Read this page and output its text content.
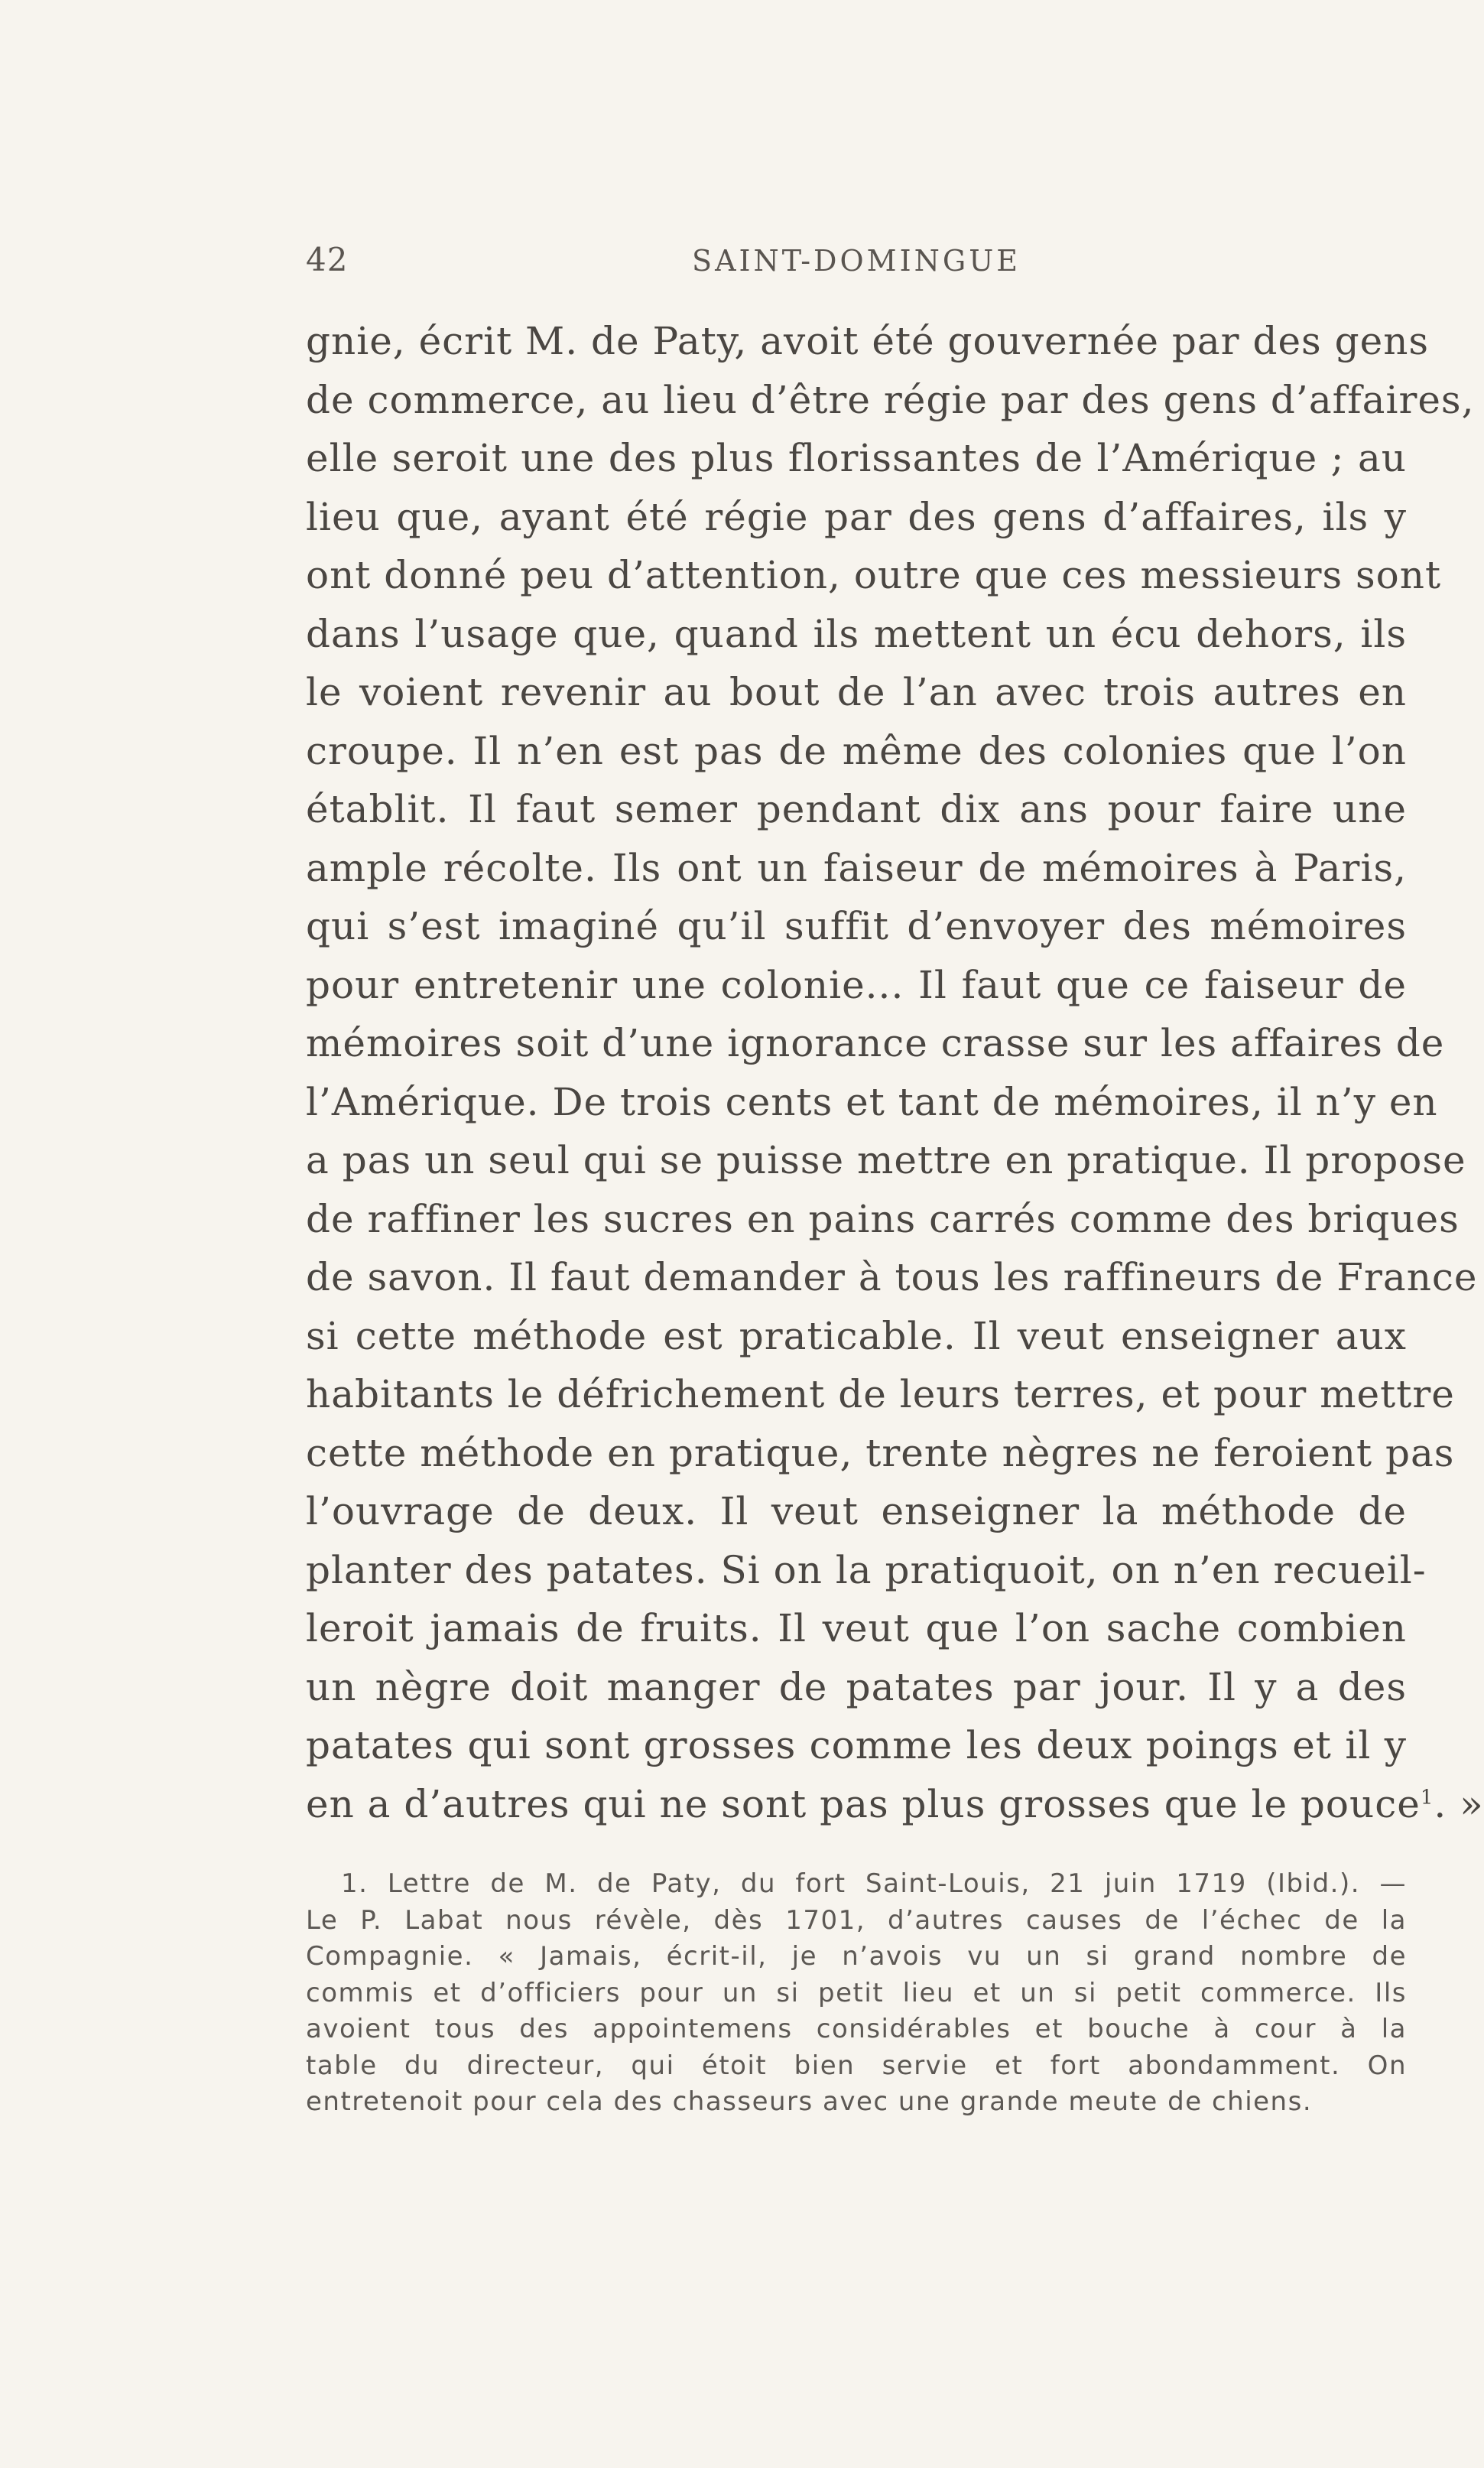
42	SAINT-DOMINGUE
gnie, écrit M. de Paty, avoit été gouvernée par des gens
de commerce, au lieu d’être régie par des gens d’affaires,
elle seroit une des plus florissantes de l’Amérique ; au
lieu que, ayant été régie par des gens d’affaires, ils y
ont donné peu d’attention, outre que ces messieurs sont
dans l’usage que, quand ils mettent un écu dehors, ils
le voient revenir au bout de l’an avec trois autres en
croupe. Il n’en est pas de même des colonies que l’on
établit. Il faut semer pendant dix ans pour faire une
ample récolte. Ils ont un faiseur de mémoires à Paris,
qui s’est imaginé qu’il suffit d’envoyer des mémoires
pour entretenir une colonie... Il faut que ce faiseur de
mémoires soit d’une ignorance crasse sur les affaires de
l’Amérique. De trois cents et tant de mémoires, il n’y en
a pas un seul qui se puisse mettre en pratique. Il propose
de raffiner les sucres en pains carrés comme des briques
de savon. Il faut demander à tous les raffineurs de France
si cette méthode est praticable. Il veut enseigner aux
habitants le défrichement de leurs terres, et pour mettre
cette méthode en pratique, trente nègres ne feroient pas
l’ouvrage de deux. Il veut enseigner la méthode de
planter des patates. Si on la pratiquoit, on n’en recueil-
leroit jamais de fruits. Il veut que l’on sache combien
un nègre doit manger de patates par jour. Il y a des
patates qui sont grosses comme les deux poings et il y
en a d’autres qui ne sont pas plus grosses que le pouce$^1$. »
1. Lettre de M. de Paty, du fort Saint-Louis, 21 juin 1719 (Ibid.). —
Le P. Labat nous révèle, dès 1701, d’autres causes de l’échec de la
Compagnie. « Jamais, écrit-il, je n’avois vu un si grand nombre de
commis et d’officiers pour un si petit lieu et un si petit commerce. Ils
avoient tous des appointemens considérables et bouche à cour à la
table du directeur, qui étoit bien servie et fort abondamment. On
entretenoit pour cela des chasseurs avec une grande meute de chiens.
